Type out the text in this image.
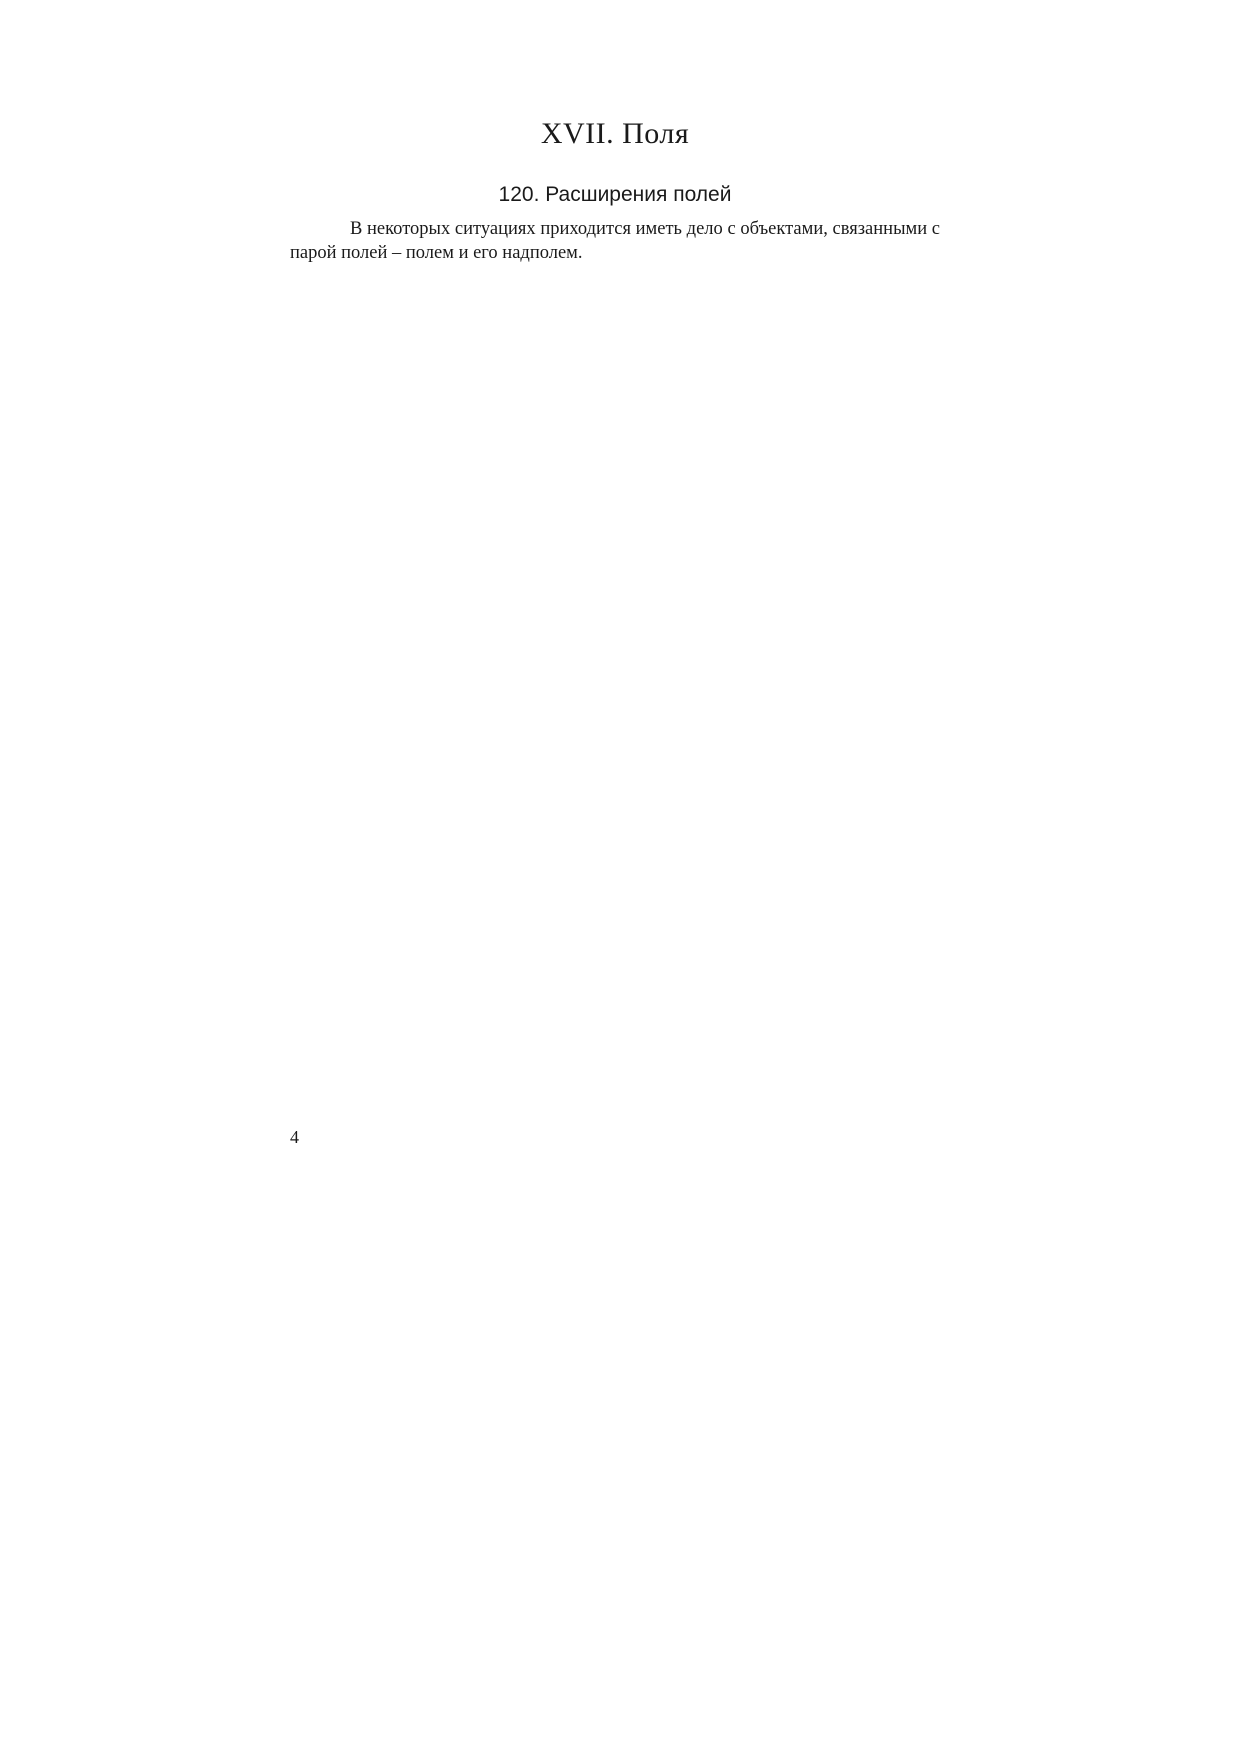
XVII. Поля
120. Расширения полей

В некоторых ситуациях приходится иметь дело с объектами, связанными с парой полей – полем и его надполем.

4
